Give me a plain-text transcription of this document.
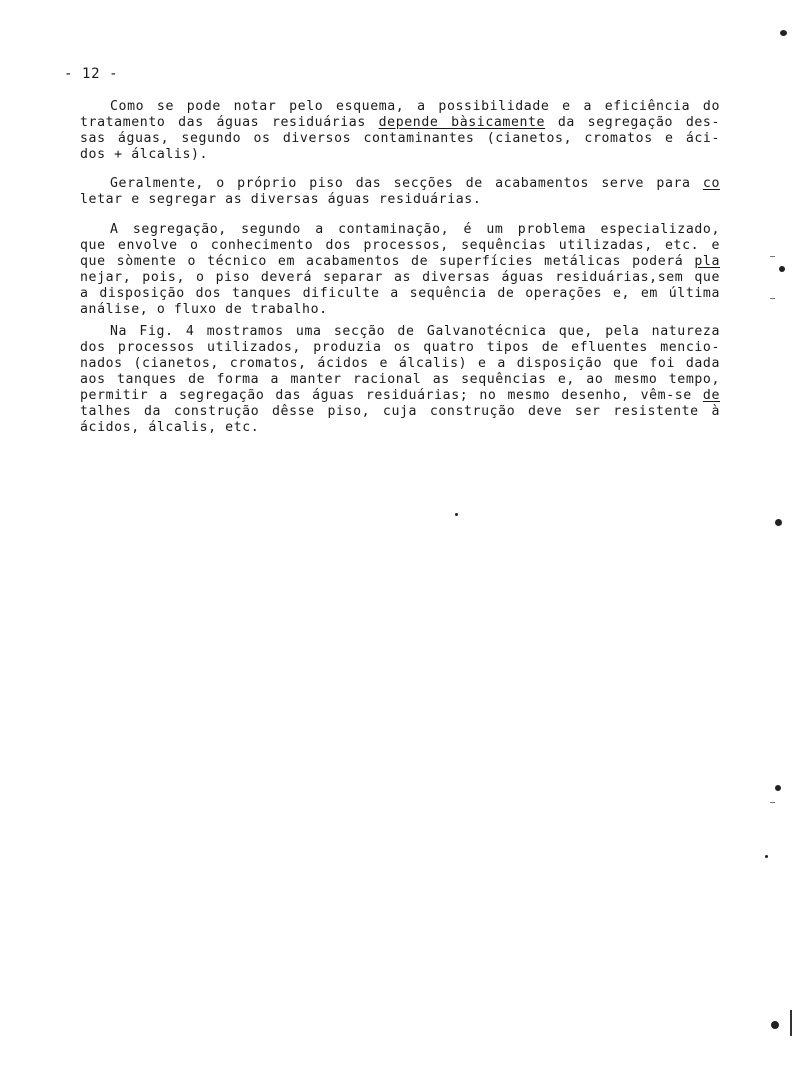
- 12 -
Como se pode notar pelo esquema, a possibilidade e a eficiência do
tratamento das águas residuárias depende bàsicamente da segregação des-
sas águas, segundo os diversos contaminantes (cianetos, cromatos e áci-
dos + álcalis).
Geralmente, o próprio piso das secções de acabamentos serve para co
letar e segregar as diversas águas residuárias.
A segregação, segundo a contaminação, é um problema especializado,
que envolve o conhecimento dos processos, sequências utilizadas, etc. e
que sòmente o técnico em acabamentos de superfícies metálicas poderá pla
nejar, pois, o piso deverá separar as diversas águas residuárias,sem que
a disposição dos tanques dificulte a sequência de operações e, em última
análise, o fluxo de trabalho.
Na Fig. 4 mostramos uma secção de Galvanotécnica que, pela natureza
dos processos utilizados, produzia os quatro tipos de efluentes mencio-
nados (cianetos, cromatos, ácidos e álcalis) e a disposição que foi dada
aos tanques de forma a manter racional as sequências e, ao mesmo tempo,
permitir a segregação das águas residuárias; no mesmo desenho, vêm-se de
talhes da construção dêsse piso, cuja construção deve ser resistente à
ácidos, álcalis, etc.
